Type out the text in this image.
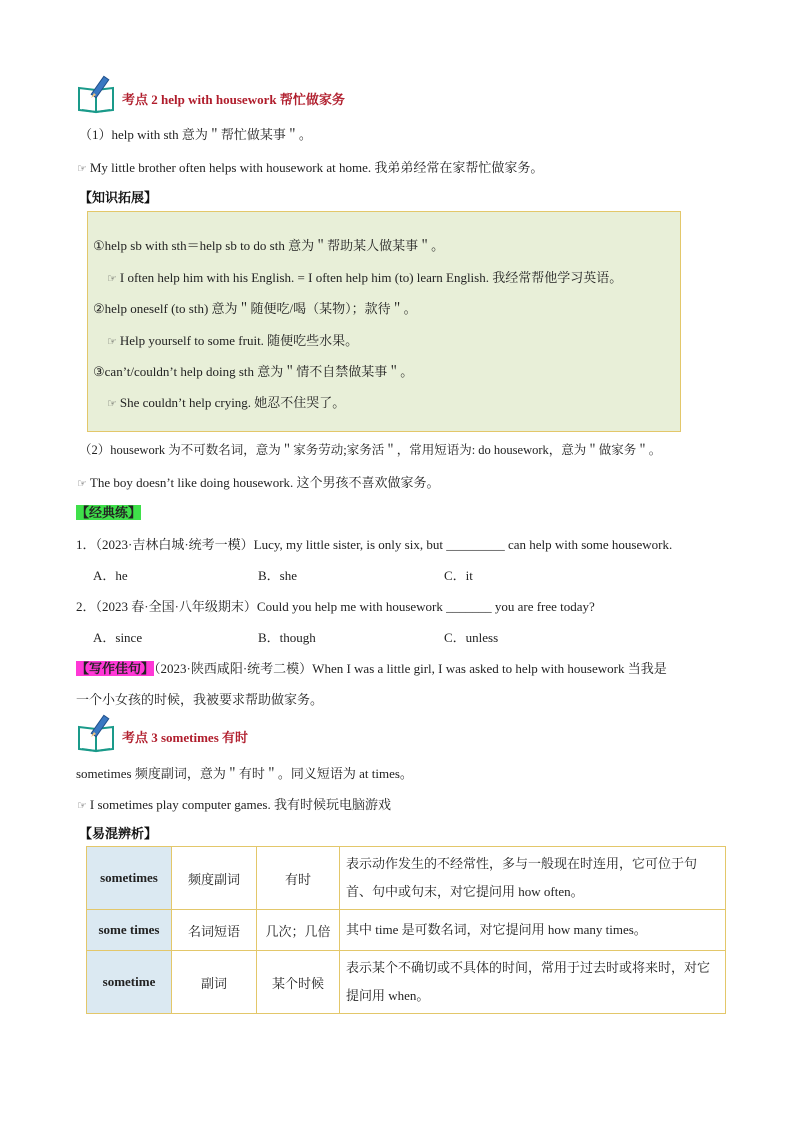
考点 2 help with housework 帮忙做家务
（1）help with sth 意为＂帮忙做某事＂。
☞ My little brother often helps with housework at home. 我弟弟经常在家帮忙做家务。
【知识拓展】
①help sb with sth＝help sb to do sth 意为＂帮助某人做某事＂。
☞ I often help him with his English. = I often help him (to) learn English. 我经常帮他学习英语。
②help oneself (to sth) 意为＂随便吃/喝（某物）；款待＂。
☞ Help yourself to some fruit. 随便吃些水果。
③can’t/couldn’t help doing sth 意为＂情不自禁做某事＂。
☞ She couldn’t help crying. 她忍不住哭了。
（2）housework 为不可数名词，意为＂家务劳动;家务活＂，常用短语为: do housework，意为＂做家务＂。
☞ The boy doesn’t like doing housework. 这个男孩不喜欢做家务。
【经典练】
1．（2023·吉林白城·统考一模）Lucy, my little sister, is only six, but _________ can help with some housework.
A．he	B．she	C．it
2．（2023 春·全国·八年级期末）Could you help me with housework _______ you are free today?
A．since	B．though	C．unless
【写作佳句】（2023·陕西咸阳·统考二模）When I was a little girl, I was asked to help with housework 当我是
一个小女孩的时候，我被要求帮助做家务。
考点 3 sometimes 有时
sometimes 频度副词，意为＂有时＂。同义短语为 at times。
☞ I sometimes play computer games. 我有时候玩电脑游戏
【易混辨析】
sometimes	频度副词	有时	表示动作发生的不经常性，多与一般现在时连用，它可位于句首、句中或句末，对它提问用 how often。
some times	名词短语	几次；几倍	其中 time 是可数名词，对它提问用 how many times。
sometime	副词	某个时候	表示某个不确切或不具体的时间，常用于过去时或将来时，对它提问用 when。
